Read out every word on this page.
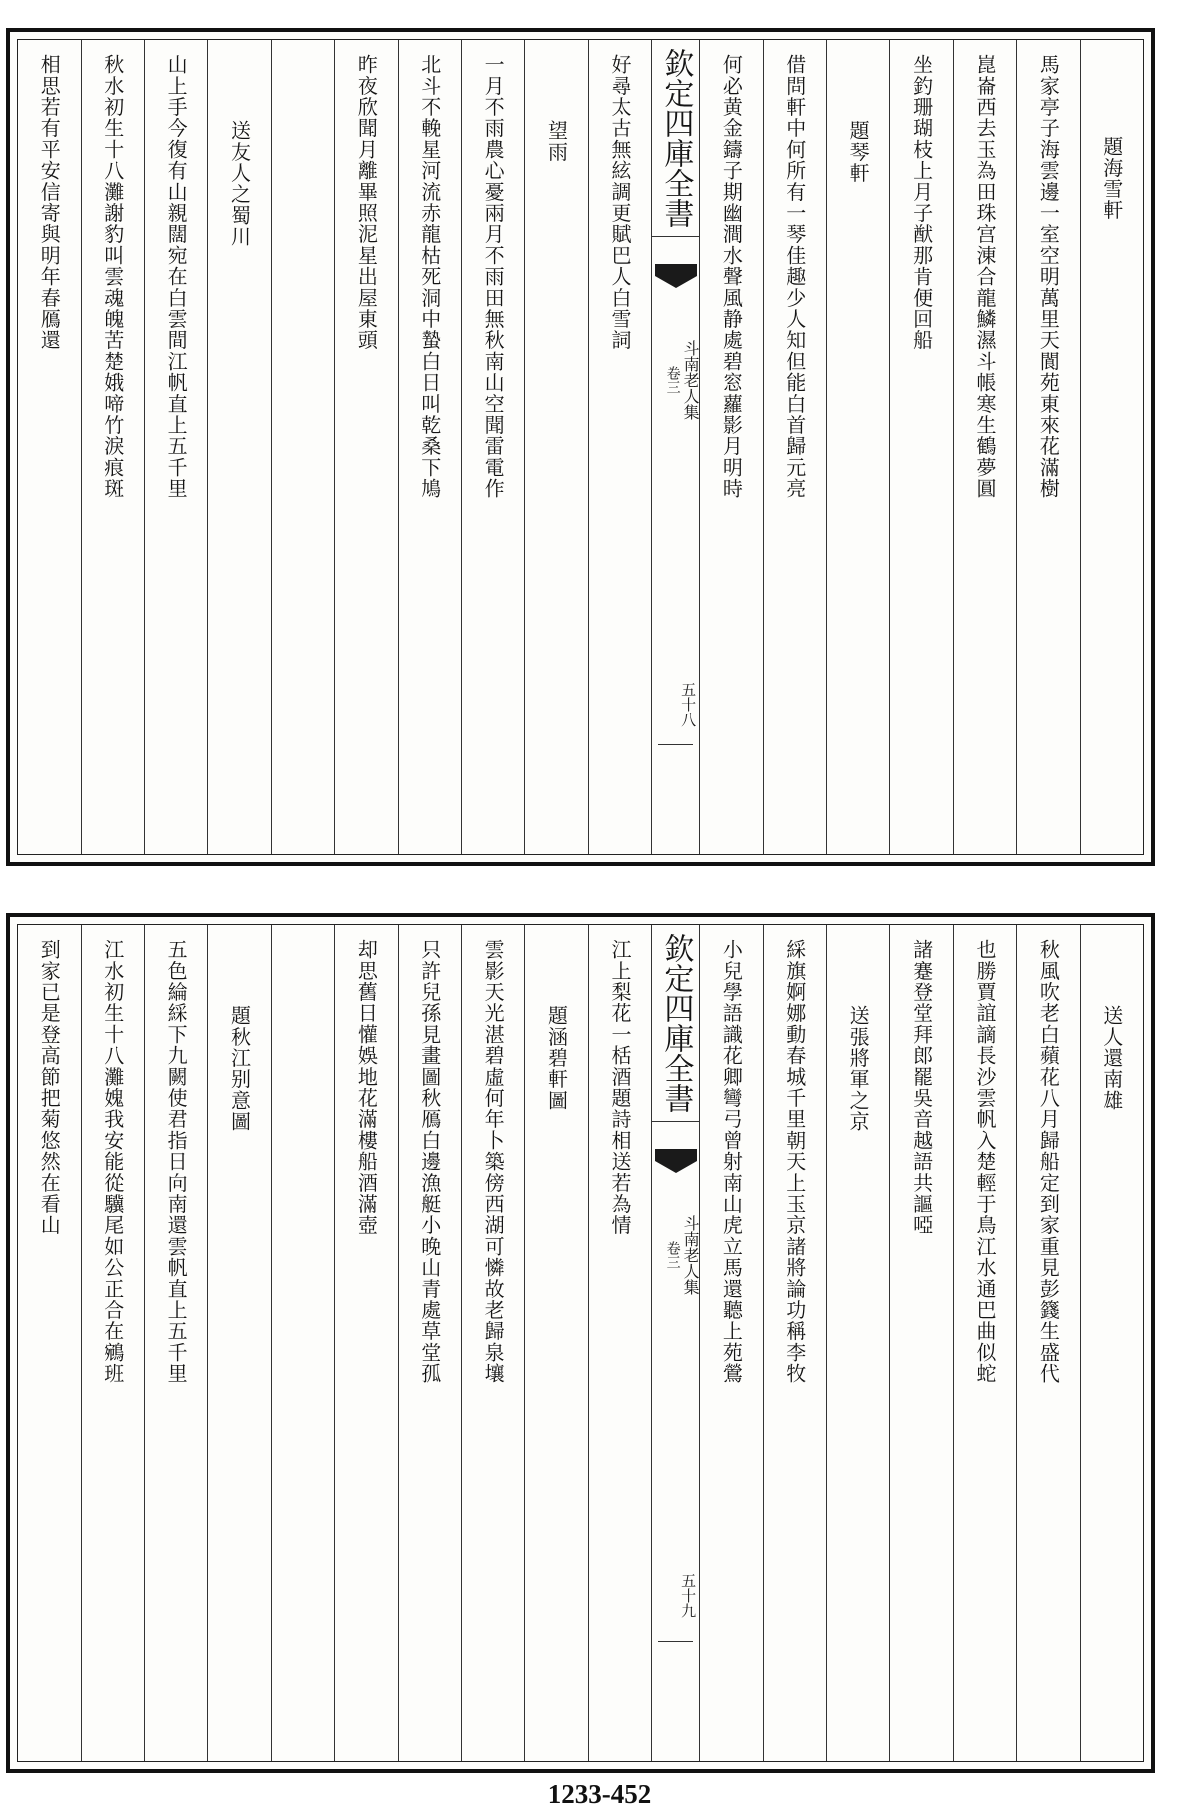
題海雪軒
馬家亭子海雲邊一室空明萬里天閬苑東來花滿樹
崑崙西去玉為田珠宫涷合龍鱗濕斗帳寒生鶴夢圓
坐釣珊瑚枝上月子猷那肯便回船
題琴軒
借問軒中何所有一琴佳趣少人知但能白首歸元亮
何必黄金鑄子期幽澗水聲風静處碧窓蘿影月明時
欽定四庫全書
斗南老人集
卷三
五十八
好尋太古無絃調更賦巴人白雪詞
望雨
一月不雨農心憂兩月不雨田無秋南山空聞雷電作
北斗不輓星河流赤龍枯死洞中蟄白日叫乾桑下鳩
昨夜欣聞月離畢照泥星出屋東頭
送友人之蜀川
山上手今復有山親闊宛在白雲間江帆直上五千里
秋水初生十八灘謝豹叫雲魂魄苦楚娥啼竹淚痕斑
相思若有平安信寄與明年春鴈還
送人還南雄
秋風吹老白蘋花八月歸船定到家重見彭籛生盛代
也勝賈誼謫長沙雲帆入楚輕于鳥江水通巴曲似蛇
諸蹇登堂拜郎罷吳音越語共謳啞
送張將軍之京
綵旗婀娜動春城千里朝天上玉京諸將論功稱李牧
小兒學語識花卿彎弓曾射南山虎立馬還聽上苑鶯
欽定四庫全書
斗南老人集
卷三
五十九
江上梨花一栝酒題詩相送若為情
題涵碧軒圖
雲影天光湛碧虛何年卜築傍西湖可憐故老歸泉壤
只許兒孫見畫圖秋鴈白邊漁艇小晚山青處草堂孤
却思舊日懽娛地花滿樓船酒滿壺
題秋江别意圖
五色綸綵下九闕使君指日向南還雲帆直上五千里
江水初生十八灘媿我安能從驥尾如公正合在鵷班
到家已是登高節把菊悠然在看山
1233-452
